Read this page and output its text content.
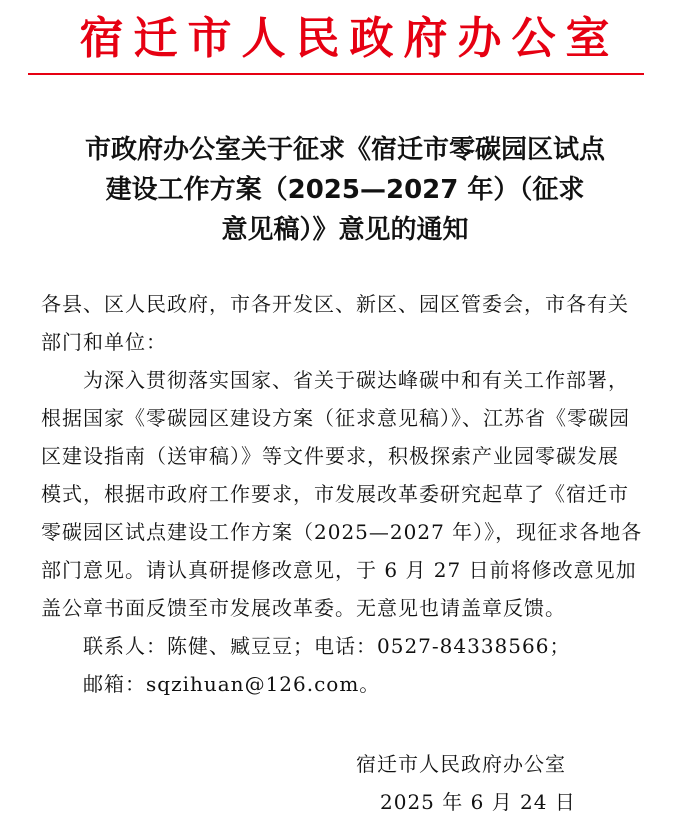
宿迁市人民政府办公室
市政府办公室关于征求《宿迁市零碳园区试点
建设工作方案（2025—2027 年）（征求
意见稿）》意见的通知

各县、区人民政府，市各开发区、新区、园区管委会，市各有关

部门和单位：

为深入贯彻落实国家、省关于碳达峰碳中和有关工作部署，

根据国家《零碳园区建设方案（征求意见稿）》、江苏省《零碳园

区建设指南（送审稿）》等文件要求，积极探索产业园零碳发展

模式，根据市政府工作要求，市发展改革委研究起草了《宿迁市

零碳园区试点建设工作方案（2025—2027 年）》，现征求各地各

部门意见。请认真研提修改意见，于 6 月 27 日前将修改意见加

盖公章书面反馈至市发展改革委。无意见也请盖章反馈。

联系人：陈健、臧豆豆；电话：0527-84338566；

邮箱：sqzihuan@126.com。

宿迁市人民政府办公室
2025 年 6 月 24 日
